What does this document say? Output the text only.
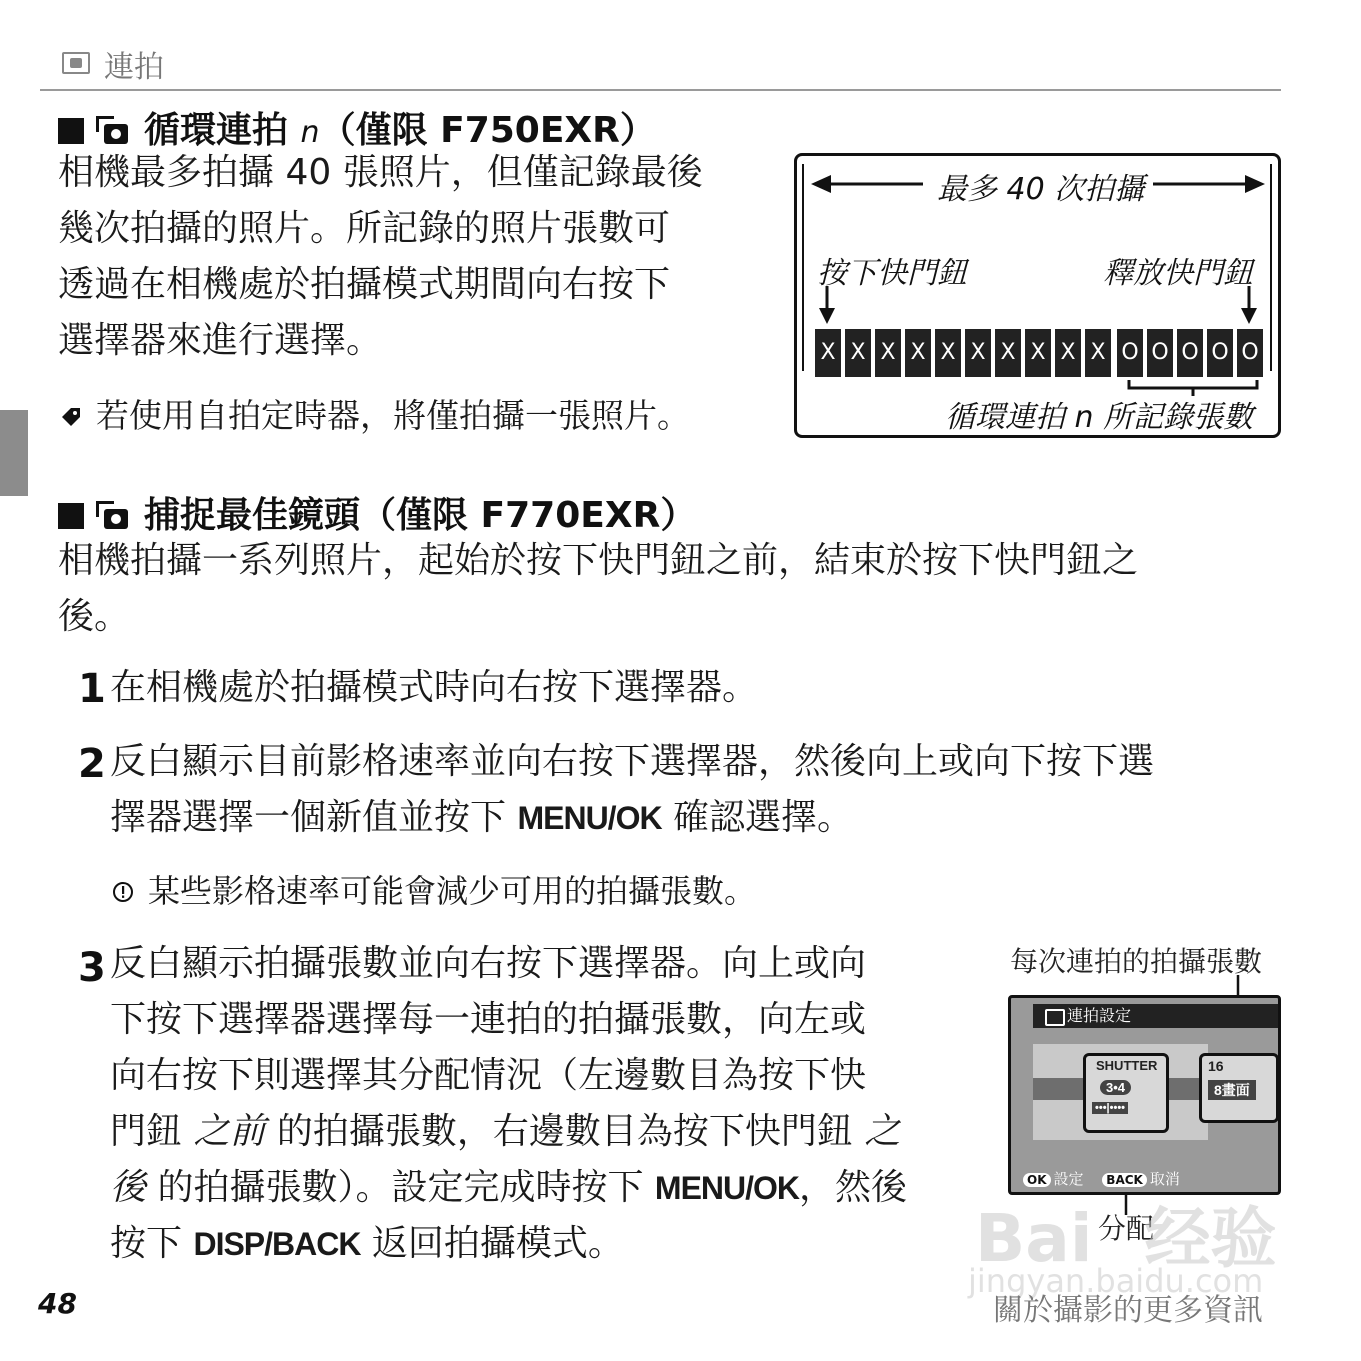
連拍
循環連拍 n（僅限 F750EXR）
相機最多拍攝 40 張照片，但僅記錄最後
幾次拍攝的照片。所記錄的照片張數可
透過在相機處於拍攝模式期間向右按下
選擇器來進行選擇。
若使用自拍定時器，將僅拍攝一張照片。
最多 40 次拍攝
按下快門鈕	釋放快門鈕
X X X X X X X X X X O O O O O
循環連拍 n 所記錄張數
捕捉最佳鏡頭（僅限 F770EXR）
相機拍攝一系列照片，起始於按下快門鈕之前，結束於按下快門鈕之
後。
1 在相機處於拍攝模式時向右按下選擇器。
2 反白顯示目前影格速率並向右按下選擇器，然後向上或向下按下選
擇器選擇一個新值並按下 MENU/OK 確認選擇。
某些影格速率可能會減少可用的拍攝張數。
3 反白顯示拍攝張數並向右按下選擇器。向上或向
下按下選擇器選擇每一連拍的拍攝張數，向左或
向右按下則選擇其分配情況（左邊數目為按下快
門鈕 之前 的拍攝張數，右邊數目為按下快門鈕 之
後 的拍攝張數）。設定完成時按下 MENU/OK，然後
按下 DISP/BACK 返回拍攝模式。
每次連拍的拍攝張數
連拍設定
SHUTTER
3•4
•••|••••
16
8畫面
OK 設定 BACK 取消
分配
Bai 经验
jingyan.baidu.com
48	關於攝影的更多資訊
